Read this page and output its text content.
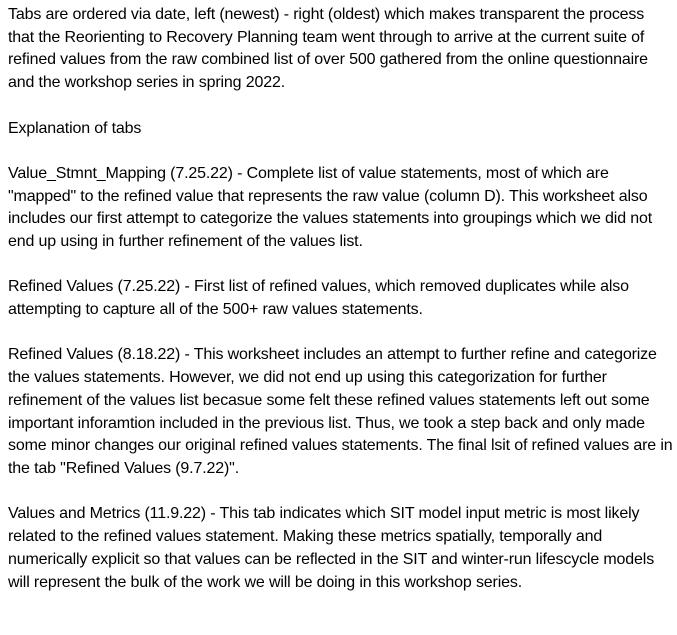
Tabs are ordered via date, left (newest) - right (oldest) which makes transparent the process that the Reorienting to Recovery Planning team went through to arrive at the current suite of refined values from the raw combined list of over 500 gathered from the online questionnaire and the workshop series in spring 2022.

Explanation of tabs

Value_Stmnt_Mapping (7.25.22) - Complete list of value statements, most of which are "mapped" to the refined value that represents the raw value (column D). This worksheet also includes our first attempt to categorize the values statements into groupings which we did not end up using in further refinement of the values list.

Refined Values (7.25.22) - First list of refined values, which removed duplicates while also attempting to capture all of the 500+ raw values statements.

Refined Values (8.18.22) - This worksheet includes an attempt to further refine and categorize the values statements. However, we did not end up using this categorization for further refinement of the values list becasue some felt these refined values statements left out some important inforamtion included in the previous list. Thus, we took a step back and only made some minor changes our original refined values statements. The final lsit of refined values are in the tab "Refined Values (9.7.22)".

Values and Metrics (11.9.22) - This tab indicates which SIT model input metric is most likely related to the refined values statement. Making these metrics spatially, temporally and numerically explicit so that values can be reflected in the SIT and winter-run lifescycle models will represent the bulk of the work we will be doing in this workshop series.
